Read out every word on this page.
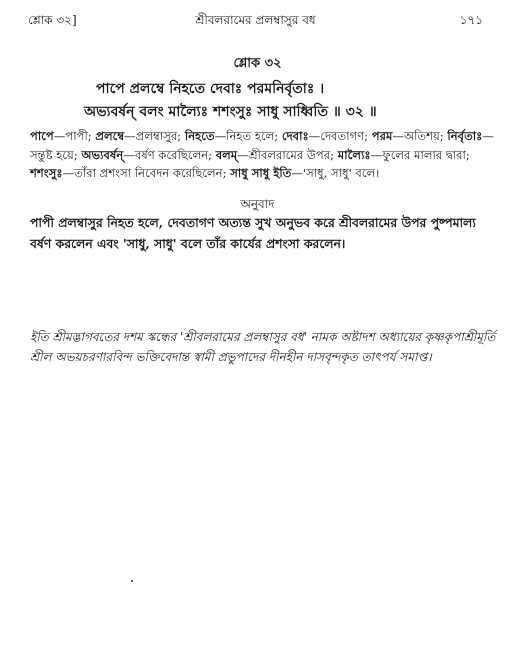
শ্লোক ৩২]	শ্রীবলরামের প্রলম্বাসুর বধ	১৭১
শ্লোক ৩২
পাপে প্রলম্বে নিহতে দেবাঃ পরমনির্বৃতাঃ ।
অভ্যবর্ষন্ বলং মাল্যৈঃ শশংসুঃ সাধু সাধ্বিতি ॥ ৩২ ॥
পাপে—পাপী; প্রলম্বে—প্রলম্বাসুর; নিহতে—নিহত হলে; দেবাঃ—দেবতাগণ; পরম—অতিশয়; নির্বৃতাঃ—সন্তুষ্ট হয়ে; অভ্যবর্ষন্—বর্ষণ করেছিলেন; বলম্—শ্রীবলরামের উপর; মাল্যৈঃ—ফুলের মালার দ্বারা; শশংসুঃ—তাঁরা প্রশংসা নিবেদন করেছিলেন; সাধু সাধু ইতি—'সাধু, সাধু' বলে।
অনুবাদ
পাপী প্রলম্বাসুর নিহত হলে, দেবতাগণ অত্যন্ত সুখ অনুভব করে শ্রীবলরামের উপর পুষ্পমাল্য বর্ষণ করলেন এবং 'সাধু, সাধু' বলে তাঁর কার্যের প্রশংসা করলেন।
ইতি শ্রীমদ্ভাগবতের দশম স্কন্ধের 'শ্রীবলরামের প্রলম্বাসুর বধ' নামক অষ্টাদশ অধ্যায়ের কৃষ্ণকৃপাশ্রীমূর্তি শ্রীল অভয়চরণারবিন্দ ভক্তিবেদান্ত স্বামী প্রভুপাদের দীনহীন দাসবৃন্দকৃত তাৎপর্য সমাপ্ত।
